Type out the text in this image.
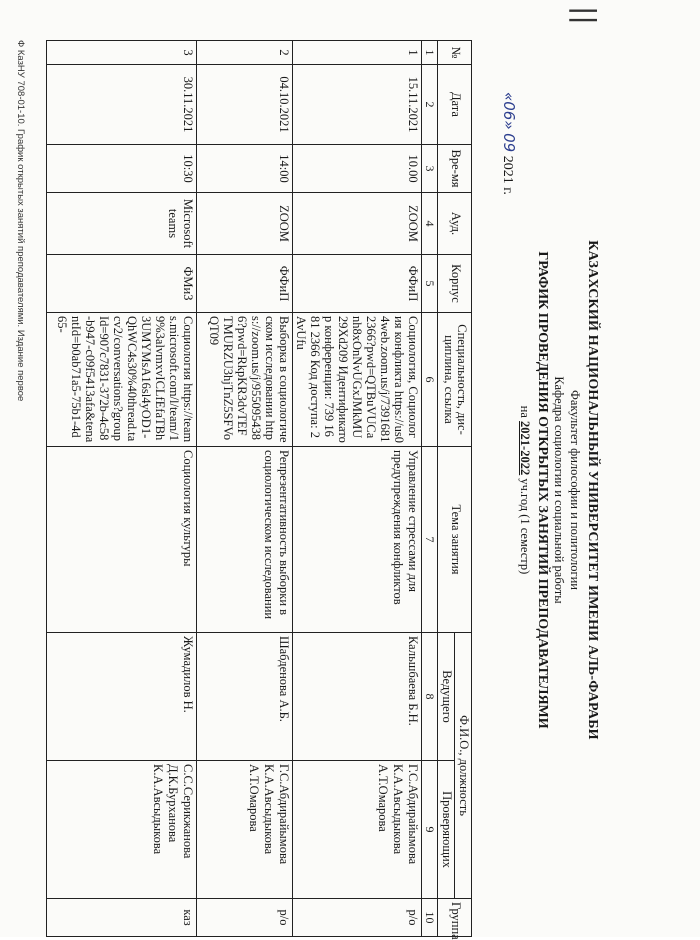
||
КАЗАХСКИЙ НАЦИОНАЛЬНЫЙ УНИВЕРСИТЕТ ИМЕНИ АЛЬ-ФАРАБИ
Факультет философии и политологии
Кафедра социологии и социальной работы
ГРАФИК ПРОВЕДЕНИЯ ОТКРЫТЫХ ЗАНЯТИЙ ПРЕПОДАВАТЕЛЯМИ
на 2021-2022 уч.год (1 семестр)
«06» 09 2021 г.
№	Дата	Вре-мя	Ауд.	Корпус	Специальность, дис-циплина, ссылка	Тема занятия	Ф.И.О., должность		Группа
							Ведущего	Проверяющих	
1	2	3	4	5	6	7	8	9	10
1	15.11.2021	10.00	ZOOM	ФФиП	Социология, Социология конфликта https://us04web.zoom.us/j/73916812366?pwd=QTBuVUCanh8xOnNvUGxJMkMU29Xd209 Идентификатор конференции: 739 1681 2366 Код доступа: 2AvUfu	Управление стрессами для предупреждения конфликтов	Кальшбаева Б.Н.	Г.С.Абдирайымова К.А.Авсыдыкова А.Т.Омарова	р/о
2	04.10.2021	14:00	ZOOM	ФФиП	Выборка в социологическом исследовании https://zoom.us/j/9550954386?pwd=RkpKR3dvTEFTMURZU3hjTnZ5SFVoQT09	Репрезентативность выборки в социологическом исследовании	Шабденова А.Б.	Г.С.Абдирайымова К.А.Авсыдыкова А.Т.Омарова	р/о
3	30.11.2021	10:30	Microsoft teams	ФМиЗ	Социология https://teams.microsoft.com/l/team/19%3alvmxvICLfEfaTBh3UMYMsA16sl4yOD1-QhWC4s30%40thread.tacv2/conversations?groupId=907c7831-372b-4c58-b947-c09f5413afa&tenantId=b0ab71a5-75b1-4d65-	Социология культуры	Жумадилов Н.	С.С.Серикжанова Д.К.Бурханова К.А.Авсыдыкова	каз
Ф КазНУ 708-01-10. График открытых занятий преподавателями. Издание первое
